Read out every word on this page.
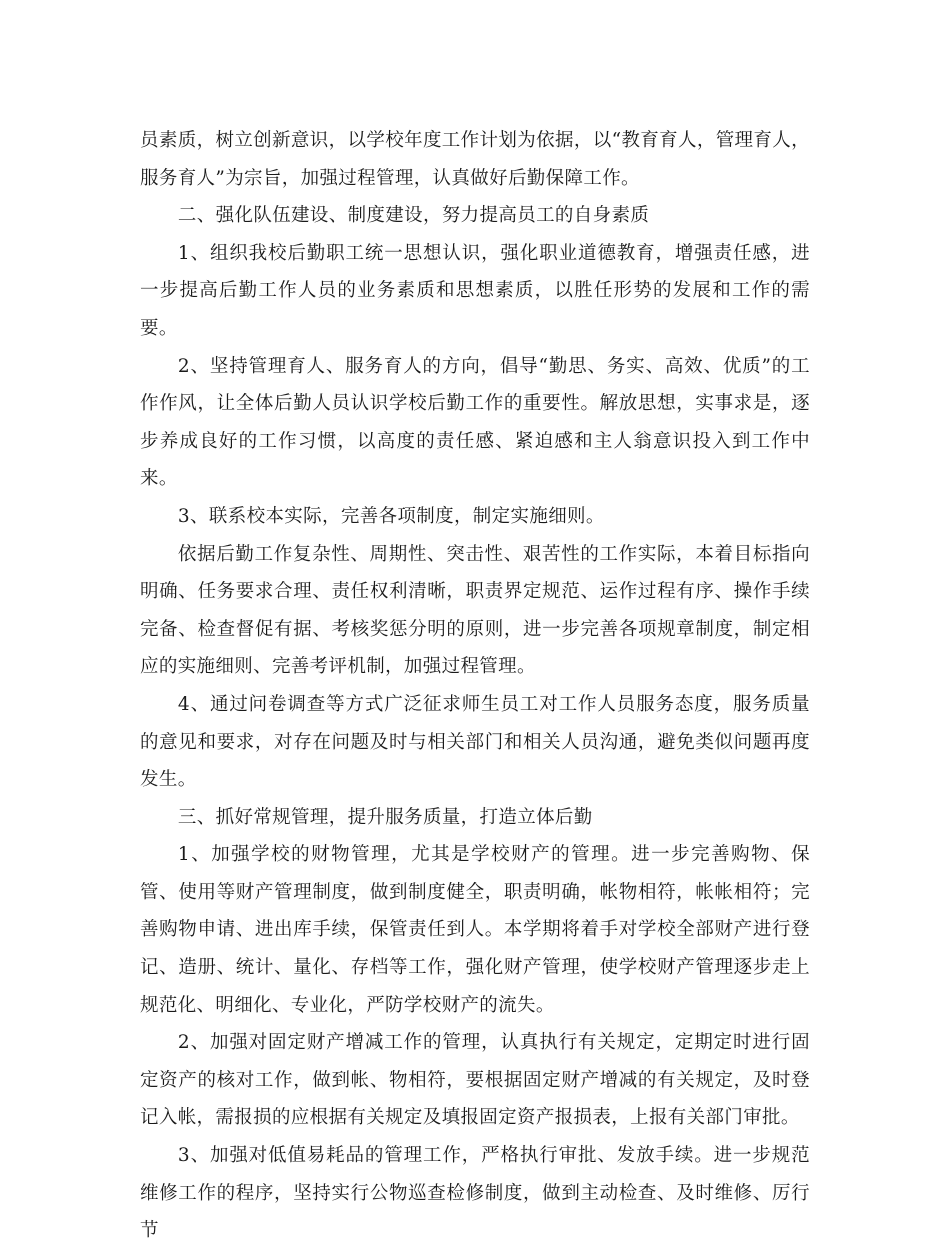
员素质，树立创新意识，以学校年度工作计划为依据，以“教育育人，管理育人，服务育人”为宗旨，加强过程管理，认真做好后勤保障工作。

二、强化队伍建设、制度建设，努力提高员工的自身素质

1、组织我校后勤职工统一思想认识，强化职业道德教育，增强责任感，进一步提高后勤工作人员的业务素质和思想素质，以胜任形势的发展和工作的需要。

2、坚持管理育人、服务育人的方向，倡导“勤思、务实、高效、优质”的工作作风，让全体后勤人员认识学校后勤工作的重要性。解放思想，实事求是，逐步养成良好的工作习惯，以高度的责任感、紧迫感和主人翁意识投入到工作中来。

3、联系校本实际，完善各项制度，制定实施细则。

依据后勤工作复杂性、周期性、突击性、艰苦性的工作实际，本着目标指向明确、任务要求合理、责任权利清晰，职责界定规范、运作过程有序、操作手续完备、检查督促有据、考核奖惩分明的原则，进一步完善各项规章制度，制定相应的实施细则、完善考评机制，加强过程管理。

4、通过问卷调查等方式广泛征求师生员工对工作人员服务态度，服务质量的意见和要求，对存在问题及时与相关部门和相关人员沟通，避免类似问题再度发生。

三、抓好常规管理，提升服务质量，打造立体后勤

1、加强学校的财物管理，尤其是学校财产的管理。进一步完善购物、保管、使用等财产管理制度，做到制度健全，职责明确，帐物相符，帐帐相符；完善购物申请、进出库手续，保管责任到人。本学期将着手对学校全部财产进行登记、造册、统计、量化、存档等工作，强化财产管理，使学校财产管理逐步走上规范化、明细化、专业化，严防学校财产的流失。

2、加强对固定财产增减工作的管理，认真执行有关规定，定期定时进行固定资产的核对工作，做到帐、物相符，要根据固定财产增减的有关规定，及时登记入帐，需报损的应根据有关规定及填报固定资产报损表，上报有关部门审批。

3、加强对低值易耗品的管理工作，严格执行审批、发放手续。进一步规范维修工作的程序，坚持实行公物巡查检修制度，做到主动检查、及时维修、厉行节
